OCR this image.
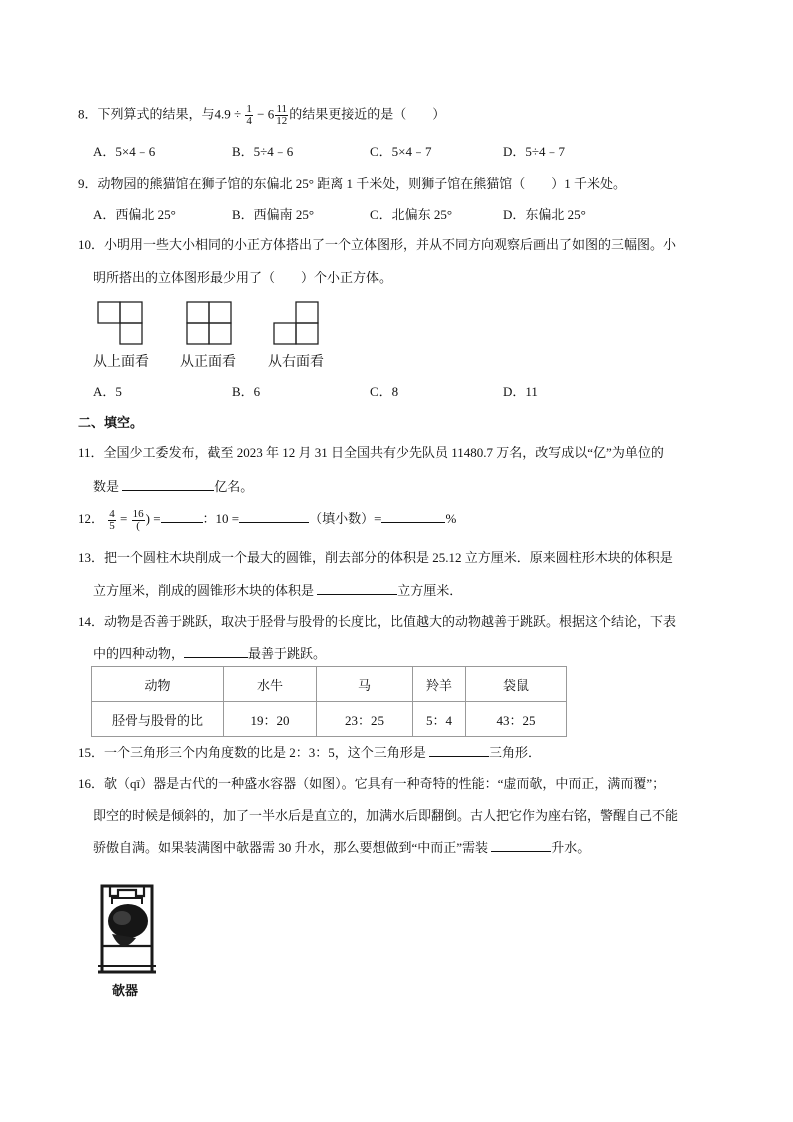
8．下列算式的结果，与$4.9 \div \frac{1}{4} - 6 \frac{11}{12}$ 的结果更接近的是（　　）
A．5×4﹣6	B．5÷4﹣6	C．5×4﹣7	D．5÷4﹣7
9．动物园的熊猫馆在狮子馆的东偏北 25° 距离 1 千米处，则狮子馆在熊猫馆（　　）1 千米处。
A．西偏北 25°	B．西偏南 25°	C．北偏东 25°	D．东偏北 25°
10．小明用一些大小相同的小正方体搭出了一个立体图形，并从不同方向观察后画出了如图的三幅图。小
明所搭出的立体图形最少用了（　　）个小正方体。
从上面看 从正面看 从右面看
A．5	B．6	C．8	D．11
二、填空。
11．全国少工委发布，截至 2023 年 12 月 31 日全国共有少先队员 11480.7 万名，改写成以“亿”为单位的
数是	亿名。
12． $\frac{4}{5} = \frac{16}{(}$ ) =	：10 =	（填小数）=	%
13．把一个圆柱木块削成一个最大的圆锥，削去部分的体积是 25.12 立方厘米．原来圆柱形木块的体积是
立方厘米，削成的圆锥形木块的体积是	立方厘米．
14．动物是否善于跳跃，取决于胫骨与股骨的长度比，比值越大的动物越善于跳跃。根据这个结论，下表
中的四种动物，	最善于跳跃。
动物	水牛	马	羚羊	袋鼠
胫骨与股骨的比	19：20	23：25	5：4	43：25
15．一个三角形三个内角度数的比是 2：3：5，这个三角形是	三角形．
16．欹（qī）器是古代的一种盛水容器（如图）。它具有一种奇特的性能：“虚而欹，中而正，满而覆”；
即空的时候是倾斜的，加了一半水后是直立的，加满水后即翻倒。古人把它作为座右铭，警醒自己不能
骄傲自满。如果装满图中欹器需 30 升水，那么要想做到“中而正”需装	升水。
欹器
